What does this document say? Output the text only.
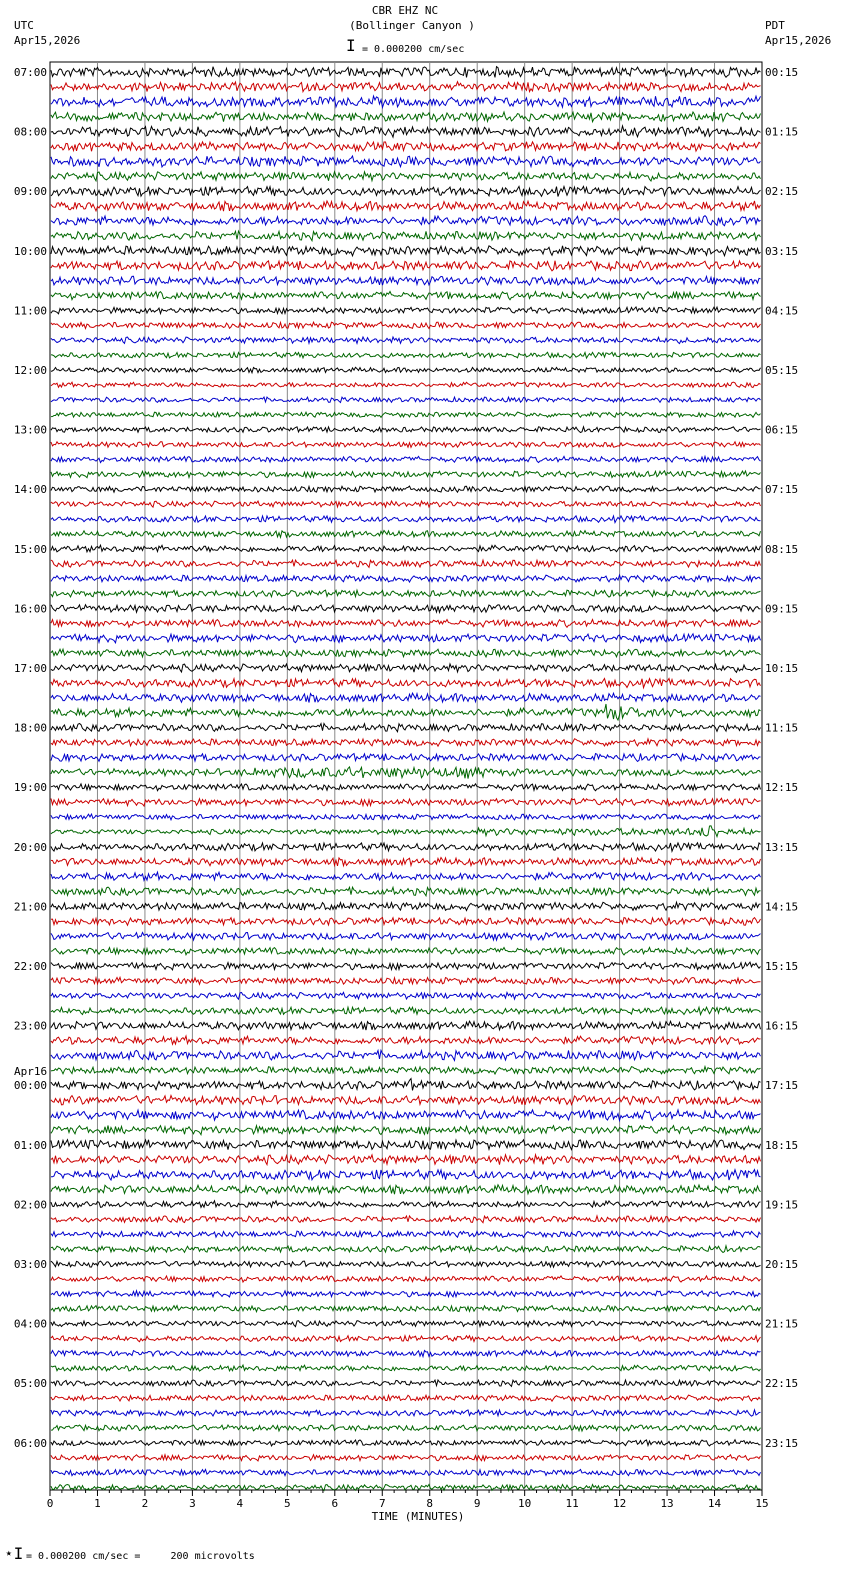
CBR EHZ NC
(Bollinger Canyon )
UTC
Apr15,2026
PDT
Apr15,2026
I = 0.000200 cm/sec
⋆I = 0.000200 cm/sec =     200 microvolts
07:00	00:15
08:00	01:15
09:00	02:15
10:00	03:15
11:00	04:15
12:00	05:15
13:00	06:15
14:00	07:15
15:00	08:15
16:00	09:15
17:00	10:15
18:00	11:15
19:00	12:15
20:00	13:15
21:00	14:15
22:00	15:15
23:00	16:15
00:00	17:15
01:00	18:15
02:00	19:15
03:00	20:15
04:00	21:15
05:00	22:15
06:00	23:15
Apr16
0	1	2	3	4	5	6	7	8	9	10	11	12	13	14	15
TIME (MINUTES)
